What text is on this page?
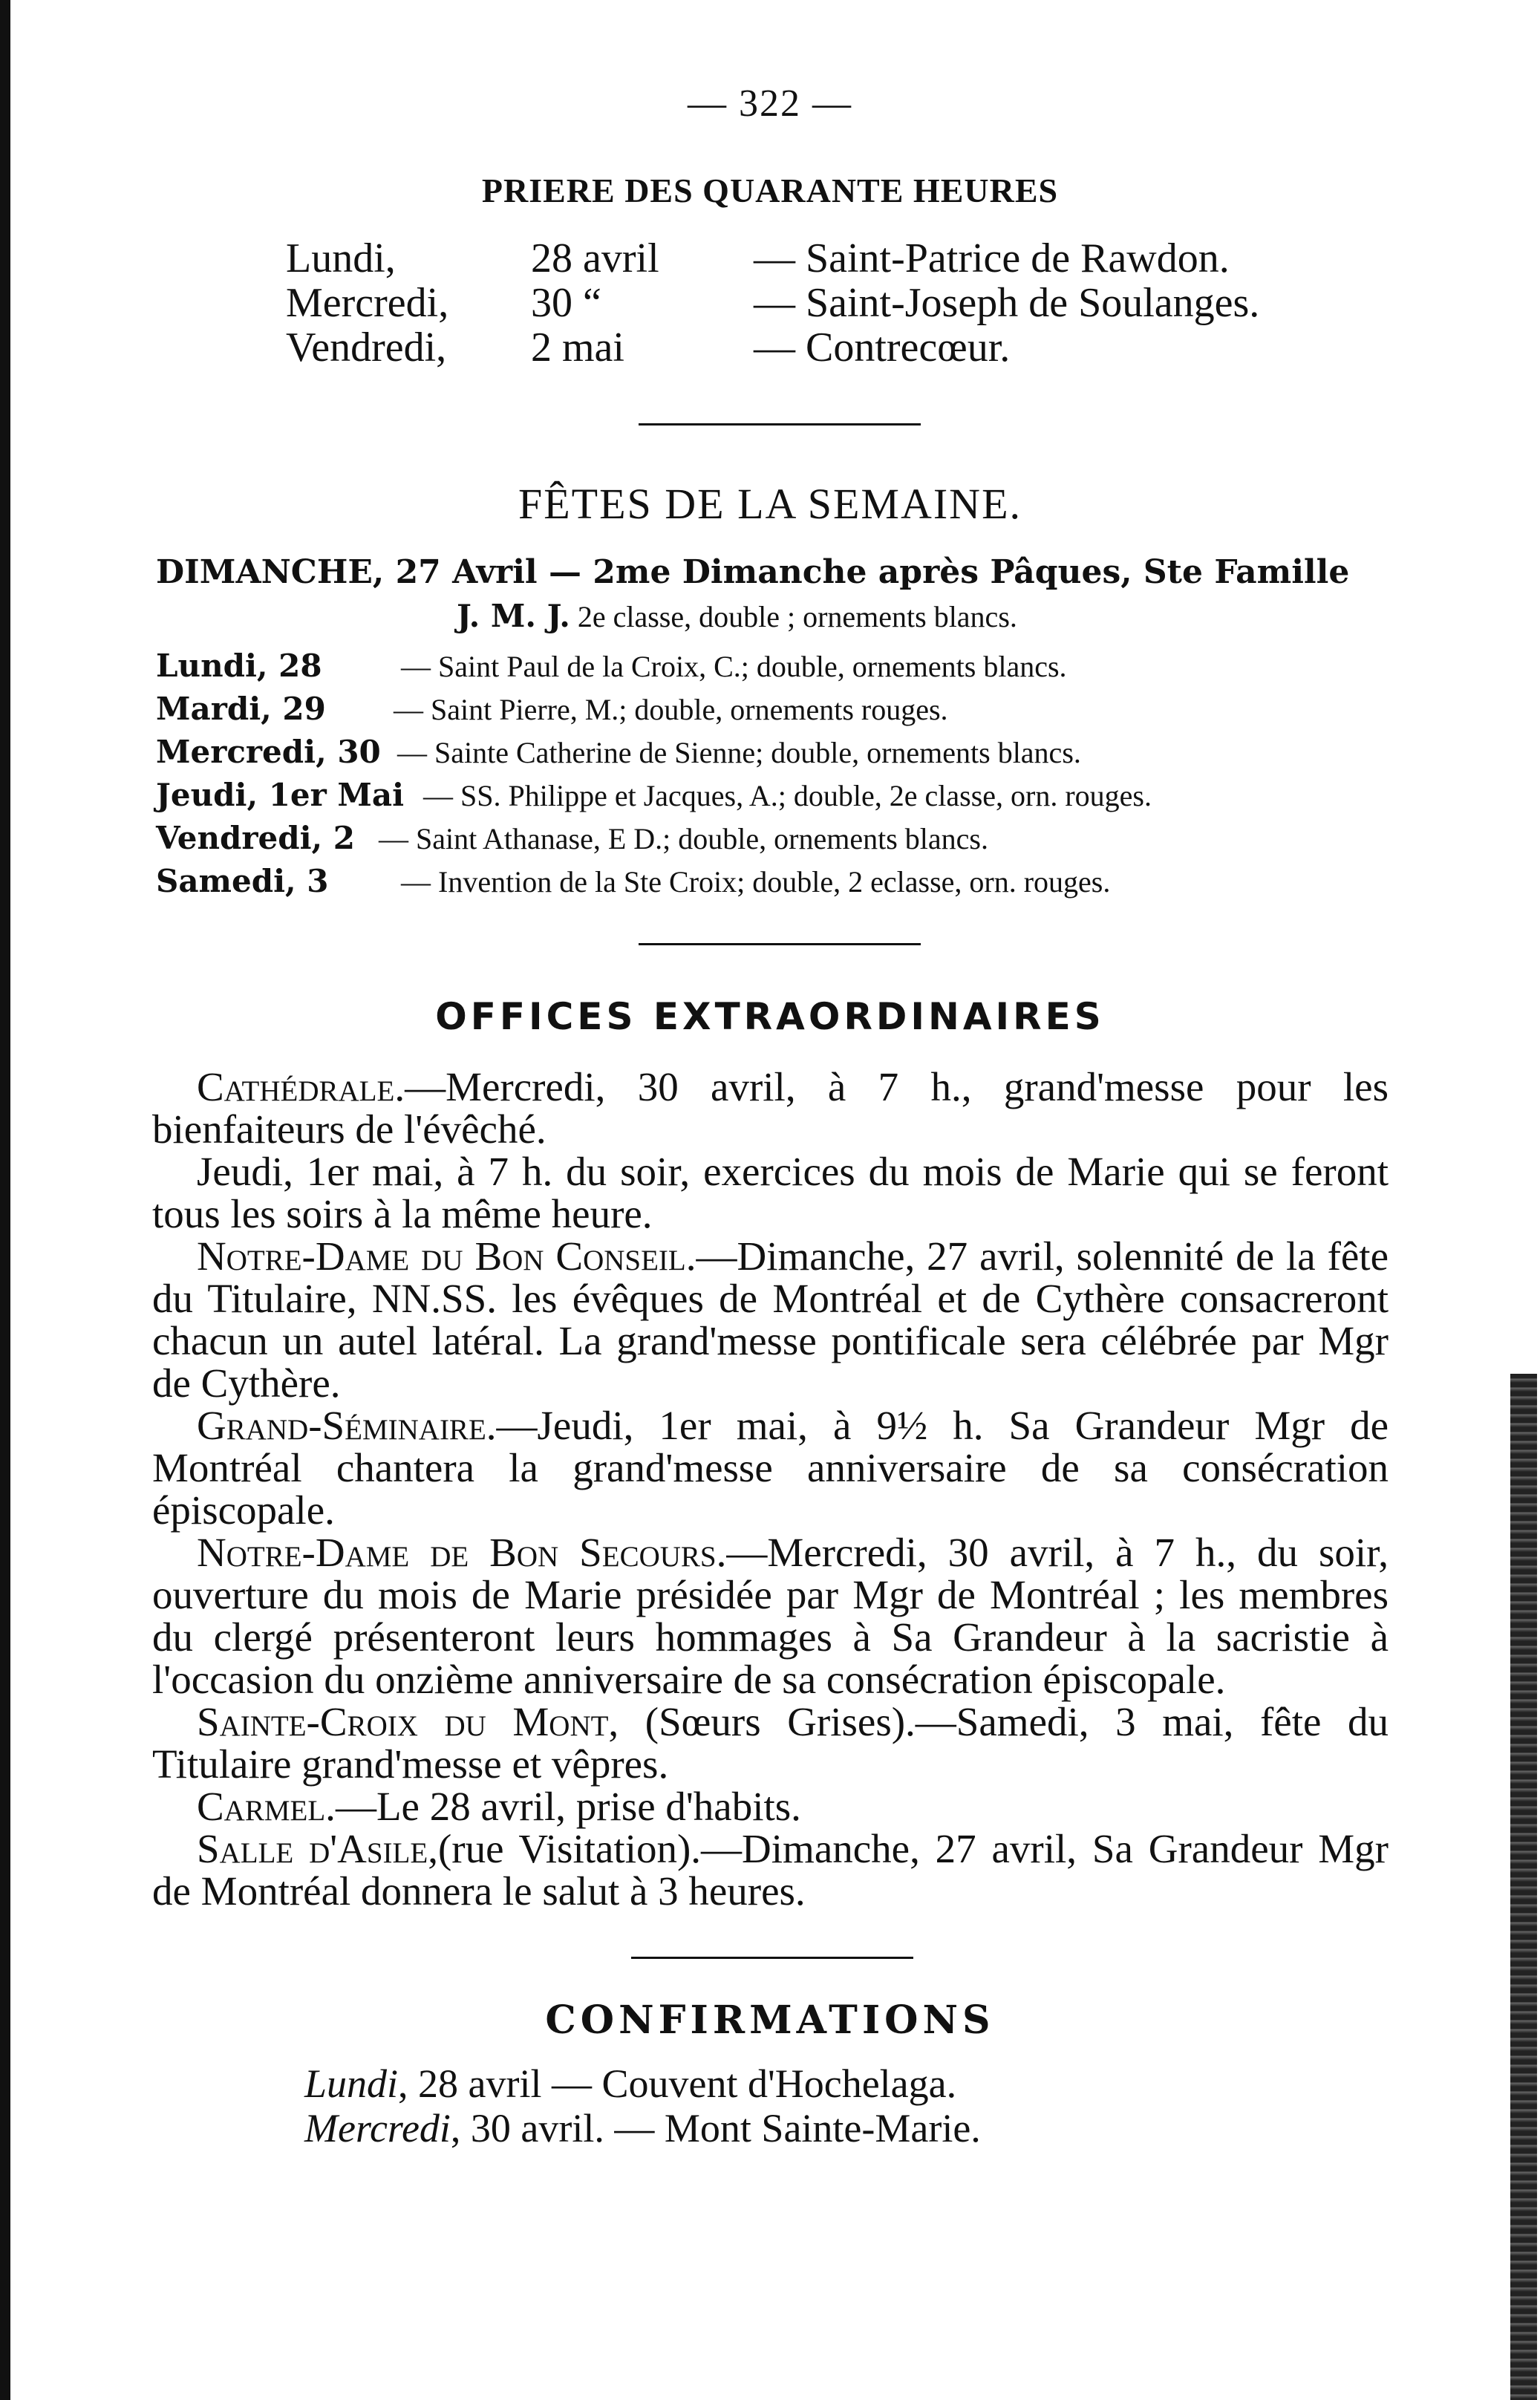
— 322 —
PRIERE DES QUARANTE HEURES
Lundi,	28 avril — Saint-Patrice de Rawdon.
Mercredi, 30 “	— Saint-Joseph de Soulanges.
Vendredi, 2 mai	— Contrecœur.
FÊTES DE LA SEMAINE.
DIMANCHE, 27 Avril — 2me Dimanche après Pâques, Ste Famille
J. M. J. 2e classe, double ; ornements blancs.
Lundi, 28	— Saint Paul de la Croix, C.; double, ornements blancs.
Mardi, 29 — Saint Pierre, M.; double, ornements rouges.
Mercredi, 30 — Sainte Catherine de Sienne; double, ornements blancs.
Jeudi, 1er Mai — SS. Philippe et Jacques, A.; double, 2e classe, orn. rouges.
Vendredi, 2 — Saint Athanase, E D.; double, ornements blancs.
Samedi, 3 — Invention de la Ste Croix; double, 2 eclasse, orn. rouges.
OFFICES EXTRAORDINAIRES

Cathédrale.—Mercredi, 30 avril, à 7 h., grand'messe pour les bienfaiteurs de l'évêché.

Jeudi, 1er mai, à 7 h. du soir, exercices du mois de Marie qui se feront tous les soirs à la même heure.

Notre-Dame du Bon Conseil.—Dimanche, 27 avril, solennité de la fête du Titulaire, NN.SS. les évêques de Montréal et de Cythère consacreront chacun un autel latéral. La grand'messe pontificale sera célébrée par Mgr de Cythère.

Grand-Séminaire.—Jeudi, 1er mai, à 9½ h. Sa Grandeur Mgr de Montréal chantera la grand'messe anniversaire de sa consécration épiscopale.

Notre-Dame de Bon Secours.—Mercredi, 30 avril, à 7 h., du soir, ouverture du mois de Marie présidée par Mgr de Montréal ; les membres du clergé présenteront leurs hommages à Sa Grandeur à la sacristie à l'occasion du onzième anniversaire de sa consécration épiscopale.

Sainte-Croix du Mont, (Sœurs Grises).—Samedi, 3 mai, fête du Titulaire grand'messe et vêpres.

Carmel.—Le 28 avril, prise d'habits.

Salle d'Asile,(rue Visitation).—Dimanche, 27 avril, Sa Grandeur Mgr de Montréal donnera le salut à 3 heures.

CONFIRMATIONS
Lundi, 28 avril — Couvent d'Hochelaga.
Mercredi, 30 avril. — Mont Sainte-Marie.
